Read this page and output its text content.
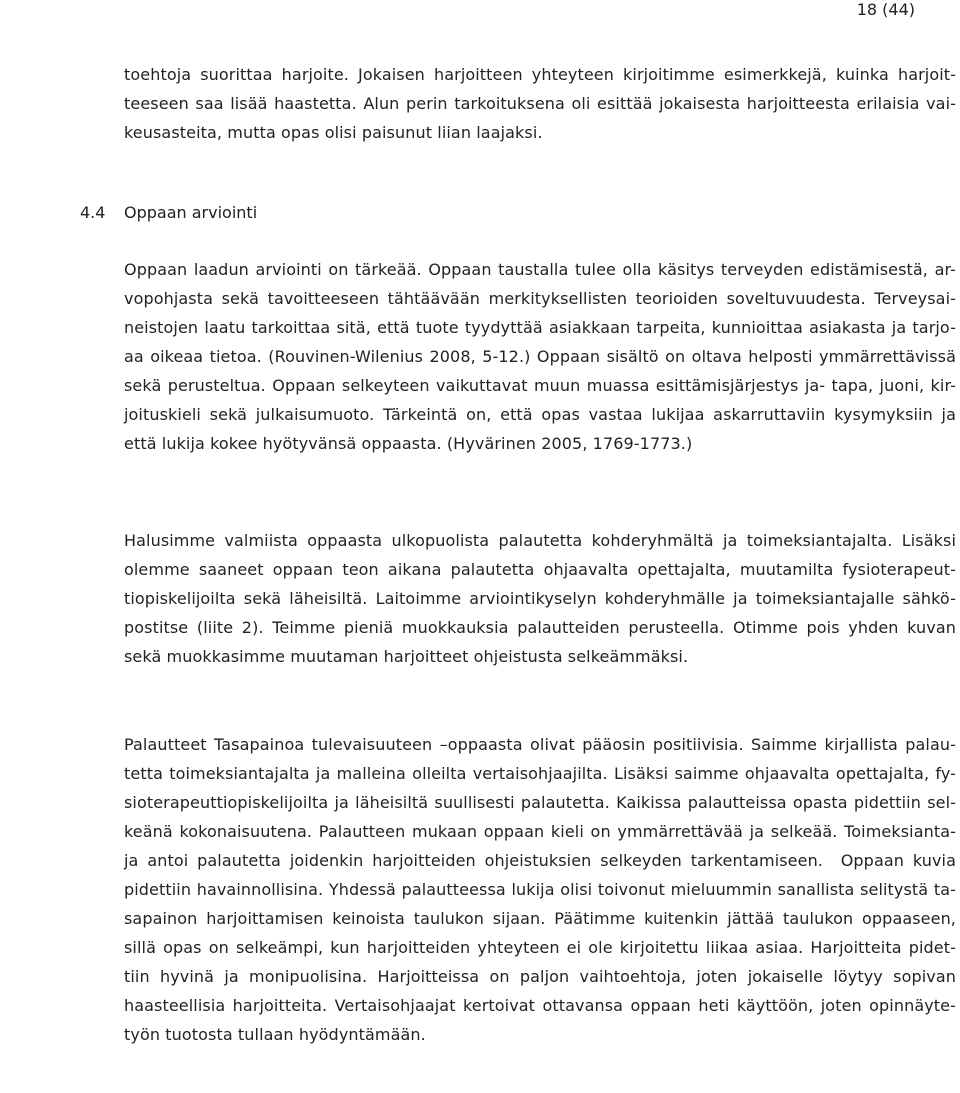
18 (44)
toehtoja suorittaa harjoite. Jokaisen harjoitteen yhteyteen kirjoitimme esimerkkejä, kuinka harjoit-
teeseen saa lisää haastetta. Alun perin tarkoituksena oli esittää jokaisesta harjoitteesta erilaisia vai-
keusasteita, mutta opas olisi paisunut liian laajaksi.
4.4 Oppaan arviointi
Oppaan laadun arviointi on tärkeää. Oppaan taustalla tulee olla käsitys terveyden edistämisestä, ar-
vopohjasta sekä tavoitteeseen tähtäävään merkityksellisten teorioiden soveltuvuudesta. Terveysai-
neistojen laatu tarkoittaa sitä, että tuote tyydyttää asiakkaan tarpeita, kunnioittaa asiakasta ja tarjo-
aa oikeaa tietoa. (Rouvinen-Wilenius 2008, 5-12.) Oppaan sisältö on oltava helposti ymmärrettävissä
sekä perusteltua. Oppaan selkeyteen vaikuttavat muun muassa esittämisjärjestys ja- tapa, juoni, kir-
joituskieli sekä julkaisumuoto. Tärkeintä on, että opas vastaa lukijaa askarruttaviin kysymyksiin ja
että lukija kokee hyötyvänsä oppaasta. (Hyvärinen 2005, 1769-1773.)
Halusimme valmiista oppaasta ulkopuolista palautetta kohderyhmältä ja toimeksiantajalta. Lisäksi
olemme saaneet oppaan teon aikana palautetta ohjaavalta opettajalta, muutamilta fysioterapeut-
tiopiskelijoilta sekä läheisiltä. Laitoimme arviointikyselyn kohderyhmälle ja toimeksiantajalle sähkö-
postitse (liite 2). Teimme pieniä muokkauksia palautteiden perusteella. Otimme pois yhden kuvan
sekä muokkasimme muutaman harjoitteet ohjeistusta selkeämmäksi.
Palautteet Tasapainoa tulevaisuuteen –oppaasta olivat pääosin positiivisia. Saimme kirjallista palau-
tetta toimeksiantajalta ja malleina olleilta vertaisohjaajilta. Lisäksi saimme ohjaavalta opettajalta, fy-
sioterapeuttiopiskelijoilta ja läheisiltä suullisesti palautetta. Kaikissa palautteissa opasta pidettiin sel-
keänä kokonaisuutena. Palautteen mukaan oppaan kieli on ymmärrettävää ja selkeää. Toimeksianta-
ja antoi palautetta joidenkin harjoitteiden ohjeistuksien selkeyden tarkentamiseen.  Oppaan kuvia
pidettiin havainnollisina. Yhdessä palautteessa lukija olisi toivonut mieluummin sanallista selitystä ta-
sapainon harjoittamisen keinoista taulukon sijaan. Päätimme kuitenkin jättää taulukon oppaaseen,
sillä opas on selkeämpi, kun harjoitteiden yhteyteen ei ole kirjoitettu liikaa asiaa. Harjoitteita pidet-
tiin hyvinä ja monipuolisina. Harjoitteissa on paljon vaihtoehtoja, joten jokaiselle löytyy sopivan
haasteellisia harjoitteita. Vertaisohjaajat kertoivat ottavansa oppaan heti käyttöön, joten opinnäyte-
työn tuotosta tullaan hyödyntämään.
